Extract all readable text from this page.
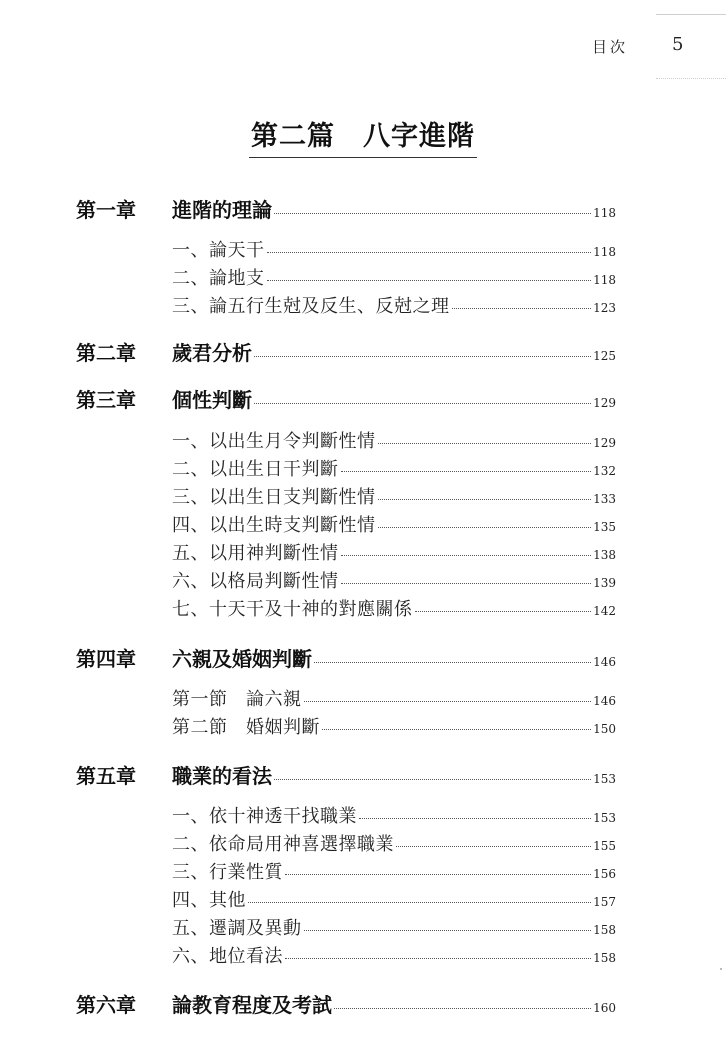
目次 5
第二篇　八字進階
第一章	進階的理論	118
一、論天干	118
二、論地支	118
三、論五行生尅及反生、反尅之理	123
第二章	歲君分析	125
第三章	個性判斷	129
一、以出生月令判斷性情	129
二、以出生日干判斷	132
三、以出生日支判斷性情	133
四、以出生時支判斷性情	135
五、以用神判斷性情	138
六、以格局判斷性情	139
七、十天干及十神的對應關係	142
第四章	六親及婚姻判斷	146
第一節　論六親	146
第二節　婚姻判斷	150
第五章	職業的看法	153
一、依十神透干找職業	153
二、依命局用神喜選擇職業	155
三、行業性質	156
四、其他	157
五、遷調及異動	158
六、地位看法	158
第六章	論教育程度及考試	160
